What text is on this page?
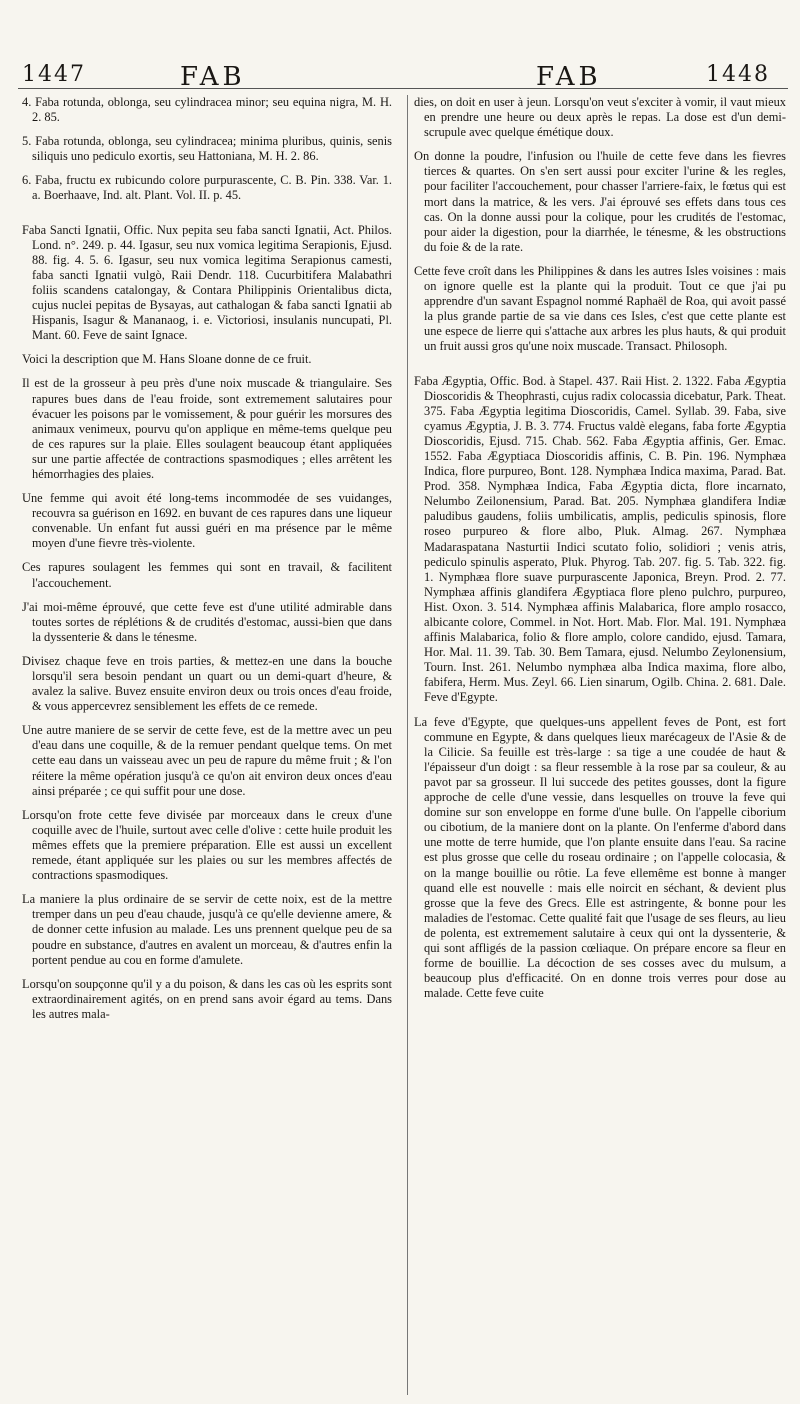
1447	FAB	FAB	1448

4. Faba rotunda, oblonga, seu cylindracea minor; seu equina nigra, M. H. 2. 85.

5. Faba rotunda, oblonga, seu cylindracea; minima pluribus, quinis, senis siliquis uno pediculo exortis, seu Hattoniana, M. H. 2. 86.

6. Faba, fructu ex rubicundo colore purpurascente, C. B. Pin. 338. Var. 1. a. Boerhaave, Ind. alt. Plant. Vol. II. p. 45.

Faba Sancti Ignatii, Offic. Nux pepita seu faba sancti Ignatii, Act. Philos. Lond. n°. 249. p. 44. Igasur, seu nux vomica legitima Serapionis, Ejusd. 88. fig. 4. 5. 6. Igasur, seu nux vomica legitima Serapionus camesti, faba sancti Ignatii vulgò, Raii Dendr. 118. Cucurbitifera Malabathri foliis scandens catalongay, & Contara Philippinis Orientalibus dicta, cujus nuclei pepitas de Bysayas, aut cathalogan & faba sancti Ignatii ab Hispanis, Isagur & Mananaog, i. e. Victoriosi, insulanis nuncupati, Pl. Mant. 60. Feve de saint Ignace.

Voici la description que M. Hans Sloane donne de ce fruit.

Il est de la grosseur à peu près d'une noix muscade & triangulaire. Ses rapures bues dans de l'eau froide, sont extremement salutaires pour évacuer les poisons par le vomissement, & pour guérir les morsures des animaux venimeux, pourvu qu'on applique en même-tems quelque peu de ces rapures sur la plaie. Elles soulagent beaucoup étant appliquées sur une partie affectée de contractions spasmodiques ; elles arrêtent les hémorrhagies des plaies.

Une femme qui avoit été long-tems incommodée de ses vuidanges, recouvra sa guérison en 1692. en buvant de ces rapures dans une liqueur convenable. Un enfant fut aussi guéri en ma présence par le même moyen d'une fievre très-violente.

Ces rapures soulagent les femmes qui sont en travail, & facilitent l'accouchement.

J'ai moi-même éprouvé, que cette feve est d'une utilité admirable dans toutes sortes de réplétions & de crudités d'estomac, aussi-bien que dans la dyssenterie & dans le ténesme.

Divisez chaque feve en trois parties, & mettez-en une dans la bouche lorsqu'il sera besoin pendant un quart ou un demi-quart d'heure, & avalez la salive. Buvez ensuite environ deux ou trois onces d'eau froide, & vous appercevrez sensiblement les effets de ce remede.

Une autre maniere de se servir de cette feve, est de la mettre avec un peu d'eau dans une coquille, & de la remuer pendant quelque tems. On met cette eau dans un vaisseau avec un peu de rapure du même fruit ; & l'on réitere la même opération jusqu'à ce qu'on ait environ deux onces d'eau ainsi préparée ; ce qui suffit pour une dose.

Lorsqu'on frote cette feve divisée par morceaux dans le creux d'une coquille avec de l'huile, surtout avec celle d'olive : cette huile produit les mêmes effets que la premiere préparation. Elle est aussi un excellent remede, étant appliquée sur les plaies ou sur les membres affectés de contractions spasmodiques.

La maniere la plus ordinaire de se servir de cette noix, est de la mettre tremper dans un peu d'eau chaude, jusqu'à ce qu'elle devienne amere, & de donner cette infusion au malade. Les uns prennent quelque peu de sa poudre en substance, d'autres en avalent un morceau, & d'autres enfin la portent pendue au cou en forme d'amulete.

Lorsqu'on soupçonne qu'il y a du poison, & dans les cas où les esprits sont extraordinairement agités, on en prend sans avoir égard au tems. Dans les autres mala-

dies, on doit en user à jeun. Lorsqu'on veut s'exciter à vomir, il vaut mieux en prendre une heure ou deux après le repas. La dose est d'un demi-scrupule avec quelque émétique doux.

On donne la poudre, l'infusion ou l'huile de cette feve dans les fievres tierces & quartes. On s'en sert aussi pour exciter l'urine & les regles, pour faciliter l'accouchement, pour chasser l'arriere-faix, le fœtus qui est mort dans la matrice, & les vers. J'ai éprouvé ses effets dans tous ces cas. On la donne aussi pour la colique, pour les crudités de l'estomac, pour aider la digestion, pour la diarrhée, le ténesme, & les obstructions du foie & de la rate.

Cette feve croît dans les Philippines & dans les autres Isles voisines : mais on ignore quelle est la plante qui la produit. Tout ce que j'ai pu apprendre d'un savant Espagnol nommé Raphaël de Roa, qui avoit passé la plus grande partie de sa vie dans ces Isles, c'est que cette plante est une espece de lierre qui s'attache aux arbres les plus hauts, & qui produit un fruit aussi gros qu'une noix muscade. Transact. Philosoph.

Faba Ægyptia, Offic. Bod. à Stapel. 437. Raii Hist. 2. 1322. Faba Ægyptia Dioscoridis & Theophrasti, cujus radix colocassia dicebatur, Park. Theat. 375. Faba Ægyptia legitima Dioscoridis, Camel. Syllab. 39. Faba, sive cyamus Ægyptia, J. B. 3. 774. Fructus valdè elegans, faba forte Ægyptia Dioscoridis, Ejusd. 715. Chab. 562. Faba Ægyptia affinis, Ger. Emac. 1552. Faba Ægyptiaca Dioscoridis affinis, C. B. Pin. 196. Nymphæa Indica, flore purpureo, Bont. 128. Nymphæa Indica maxima, Parad. Bat. Prod. 358. Nymphæa Indica, Faba Ægyptia dicta, flore incarnato, Nelumbo Zeilonensium, Parad. Bat. 205. Nymphæa glandifera Indiæ paludibus gaudens, foliis umbilicatis, amplis, pediculis spinosis, flore roseo purpureo & flore albo, Pluk. Almag. 267. Nymphæa Madaraspatana Nasturtii Indici scutato folio, solidiori ; venis atris, pediculo spinulis asperato, Pluk. Phyrog. Tab. 207. fig. 5. Tab. 322. fig. 1. Nymphæa flore suave purpurascente Japonica, Breyn. Prod. 2. 77. Nymphæa affinis glandifera Ægyptiaca flore pleno pulchro, purpureo, Hist. Oxon. 3. 514. Nymphæa affinis Malabarica, flore amplo rosacco, albicante colore, Commel. in Not. Hort. Mab. Flor. Mal. 191. Nymphæa affinis Malabarica, folio & flore amplo, colore candido, ejusd. Tamara, Hor. Mal. 11. 39. Tab. 30. Bem Tamara, ejusd. Nelumbo Zeylonensium, Tourn. Inst. 261. Nelumbo nymphæa alba Indica maxima, flore albo, fabifera, Herm. Mus. Zeyl. 66. Lien sinarum, Ogilb. China. 2. 681. Dale. Feve d'Egypte.

La feve d'Egypte, que quelques-uns appellent feves de Pont, est fort commune en Egypte, & dans quelques lieux marécageux de l'Asie & de la Cilicie. Sa feuille est très-large : sa tige a une coudée de haut & l'épaisseur d'un doigt : sa fleur ressemble à la rose par sa couleur, & au pavot par sa grosseur. Il lui succede des petites gousses, dont la figure approche de celle d'une vessie, dans lesquelles on trouve la feve qui domine sur son enveloppe en forme d'une bulle. On l'appelle ciborium ou cibotium, de la maniere dont on la plante. On l'enferme d'abord dans une motte de terre humide, que l'on plante ensuite dans l'eau. Sa racine est plus grosse que celle du roseau ordinaire ; on l'appelle colocasia, & on la mange bouillie ou rôtie. La feve ellemême est bonne à manger quand elle est nouvelle : mais elle noircit en séchant, & devient plus grosse que la feve des Grecs. Elle est astringente, & bonne pour les maladies de l'estomac. Cette qualité fait que l'usage de ses fleurs, au lieu de polenta, est extremement salutaire à ceux qui ont la dyssenterie, & qui sont affligés de la passion cœliaque. On prépare encore sa fleur en forme de bouillie. La décoction de ses cosses avec du mulsum, a beaucoup plus d'efficacité. On en donne trois verres pour dose au malade. Cette feve cuite
